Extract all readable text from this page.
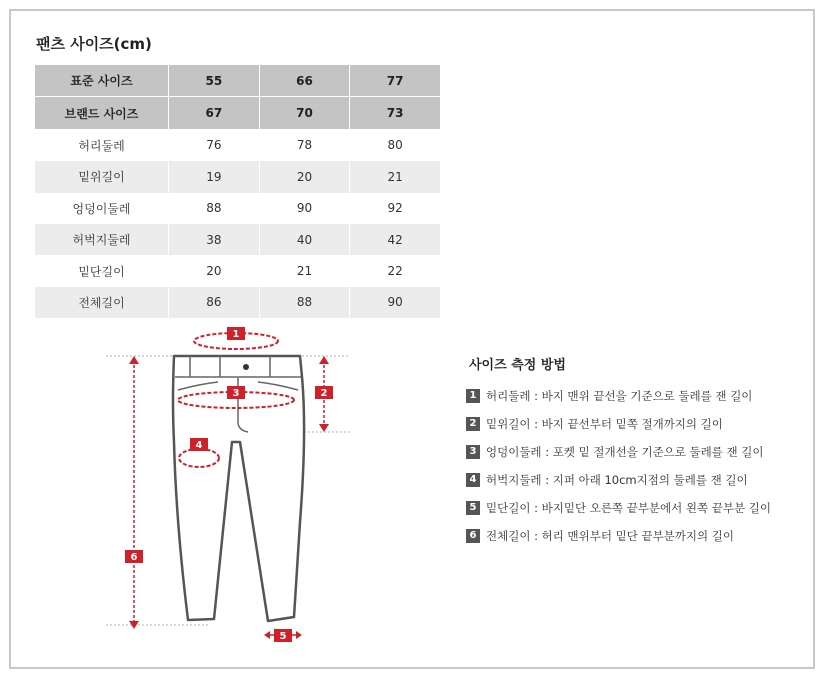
팬츠 사이즈(cm)
표준 사이즈	55	66	77
브랜드 사이즈	67	70	73
허리둘레	76	78	80
밑위길이	19	20	21
엉덩이둘레	88	90	92
허벅지둘레	38	40	42
밑단길이	20	21	22
전체길이	86	88	90
1
3
4
2
6
5
사이즈 측정 방법
1 허리둘레 : 바지 맨위 끝선을 기준으로 둘레를 잰 길이
2 밑위길이 : 바지 끝선부터 밑쪽 절개까지의 길이
3 엉덩이둘레 : 포켓 밑 절개선을 기준으로 둘레를 잰 길이
4 허벅지둘레 : 지퍼 아래 10cm지점의 둘레를 잰 길이
5 밑단길이 : 바지밑단 오른쪽 끝부분에서 왼쪽 끝부분 길이
6 전체길이 : 허리 맨위부터 밑단 끝부분까지의 길이
